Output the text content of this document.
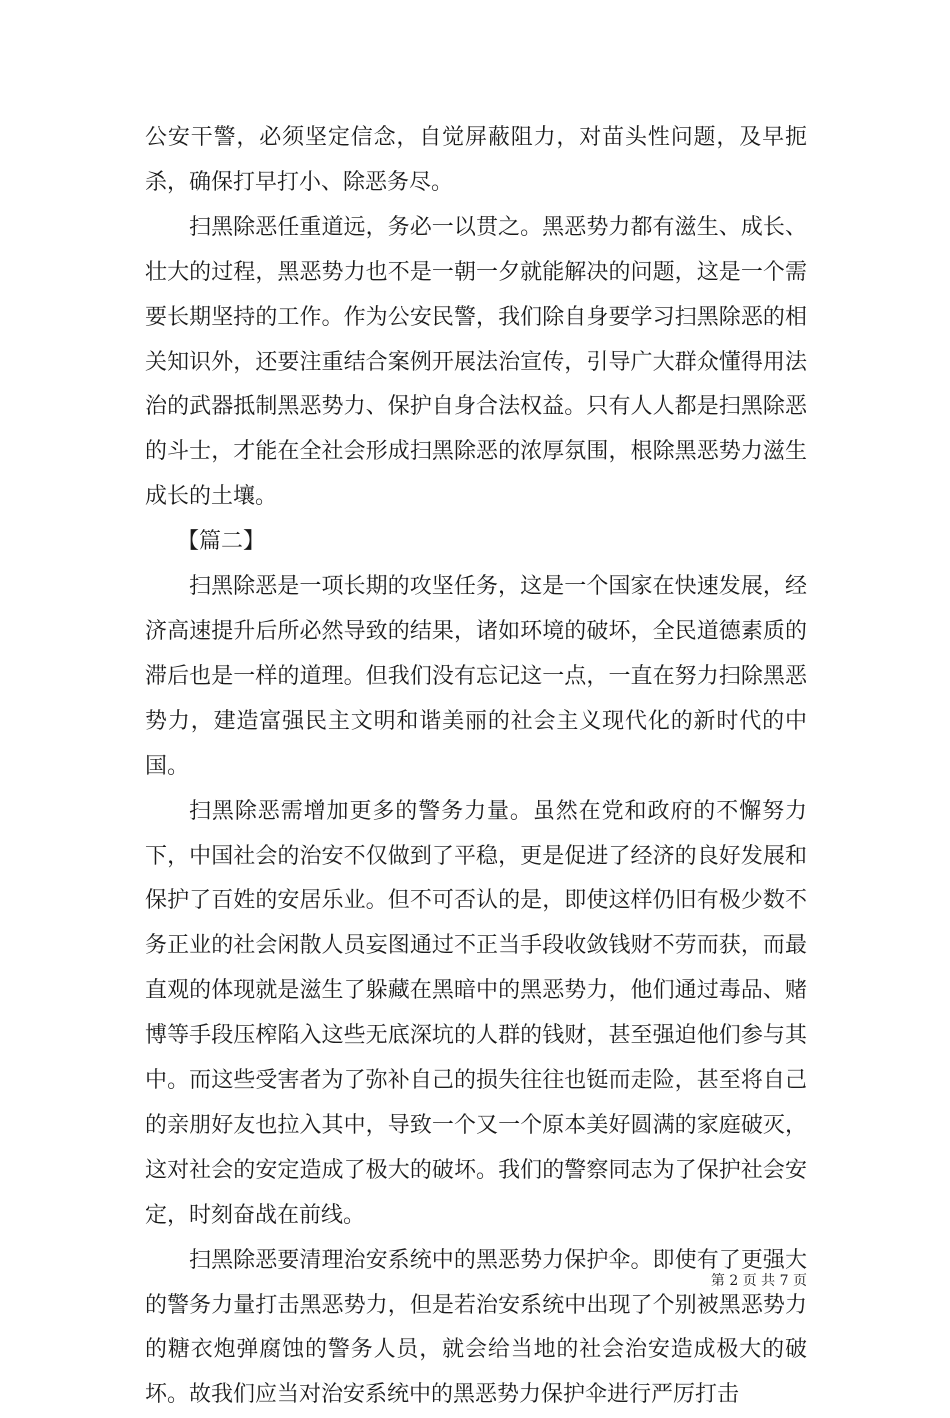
公安干警，必须坚定信念，自觉屏蔽阻力，对苗头性问题，及早扼杀，确保打早打小、除恶务尽。

扫黑除恶任重道远，务必一以贯之。黑恶势力都有滋生、成长、壮大的过程，黑恶势力也不是一朝一夕就能解决的问题，这是一个需要长期坚持的工作。作为公安民警，我们除自身要学习扫黑除恶的相关知识外，还要注重结合案例开展法治宣传，引导广大群众懂得用法治的武器抵制黑恶势力、保护自身合法权益。只有人人都是扫黑除恶的斗士，才能在全社会形成扫黑除恶的浓厚氛围，根除黑恶势力滋生成长的土壤。

【篇二】

扫黑除恶是一项长期的攻坚任务，这是一个国家在快速发展，经济高速提升后所必然导致的结果，诸如环境的破坏，全民道德素质的滞后也是一样的道理。但我们没有忘记这一点，一直在努力扫除黑恶势力，建造富强民主文明和谐美丽的社会主义现代化的新时代的中国。

扫黑除恶需增加更多的警务力量。虽然在党和政府的不懈努力下，中国社会的治安不仅做到了平稳，更是促进了经济的良好发展和保护了百姓的安居乐业。但不可否认的是，即使这样仍旧有极少数不务正业的社会闲散人员妄图通过不正当手段收敛钱财不劳而获，而最直观的体现就是滋生了躲藏在黑暗中的黑恶势力，他们通过毒品、赌博等手段压榨陷入这些无底深坑的人群的钱财，甚至强迫他们参与其中。而这些受害者为了弥补自己的损失往往也铤而走险，甚至将自己的亲朋好友也拉入其中，导致一个又一个原本美好圆满的家庭破灭，这对社会的安定造成了极大的破坏。我们的警察同志为了保护社会安定，时刻奋战在前线。

扫黑除恶要清理治安系统中的黑恶势力保护伞。即使有了更强大的警务力量打击黑恶势力，但是若治安系统中出现了个别被黑恶势力的糖衣炮弹腐蚀的警务人员，就会给当地的社会治安造成极大的破坏。故我们应当对治安系统中的黑恶势力保护伞进行严厉打击

第 2 页 共 7 页
